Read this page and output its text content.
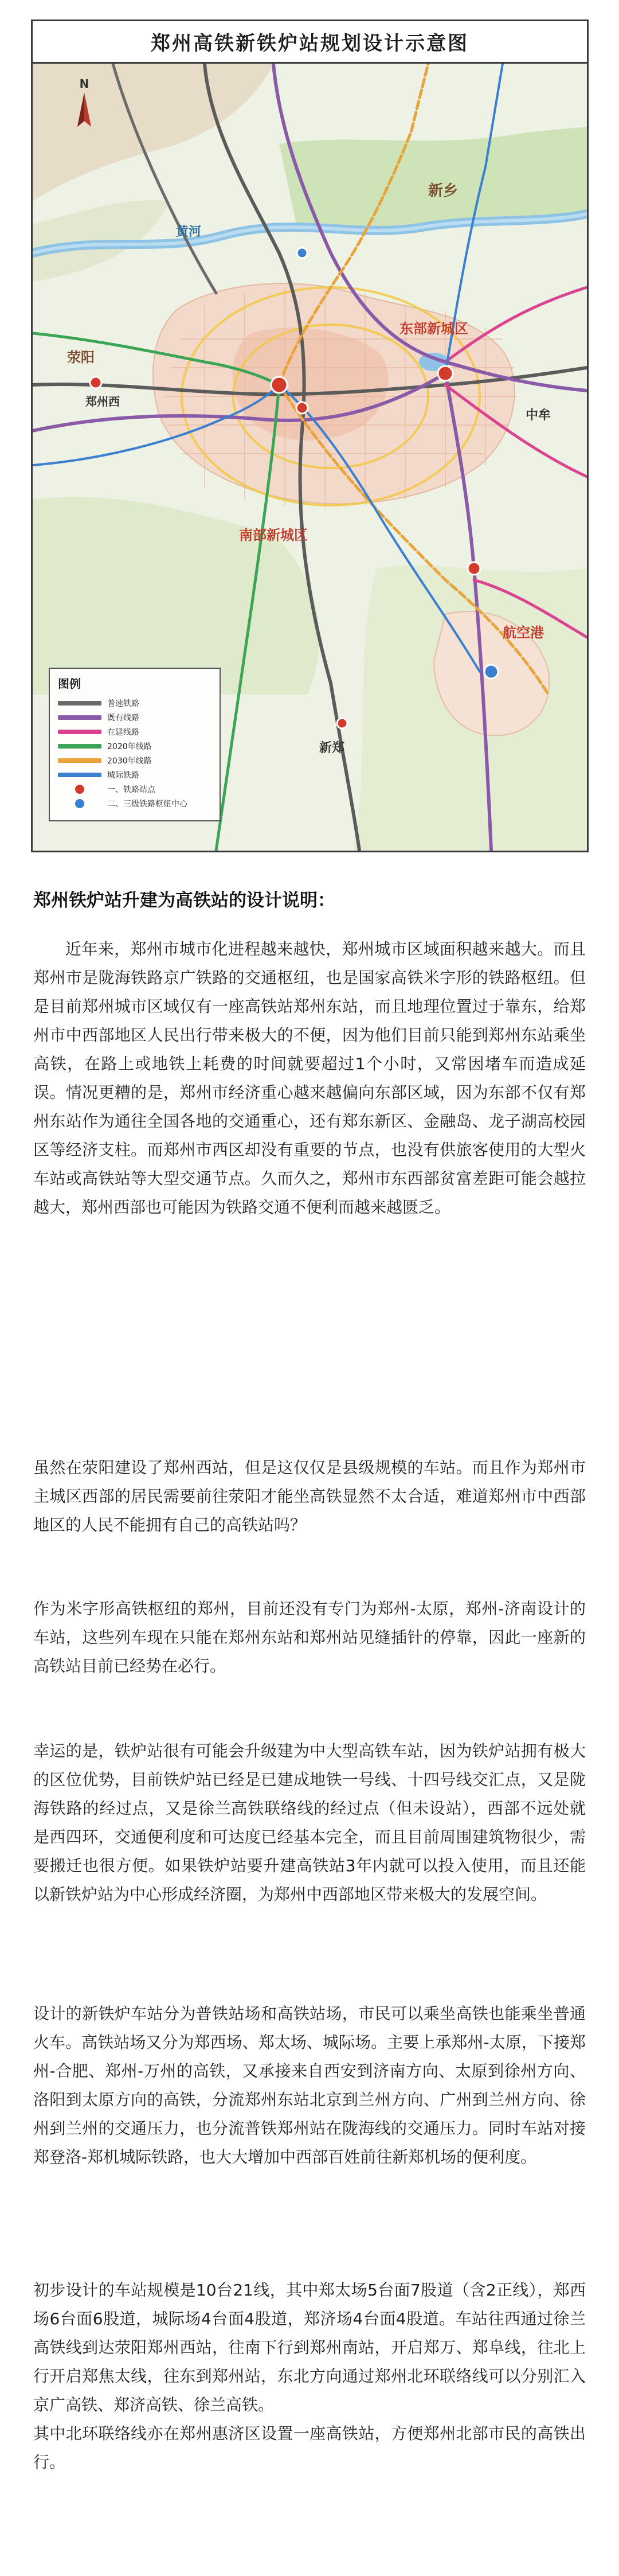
郑州高铁新铁炉站规划设计示意图
N
新乡
荥阳
郑州西
东部新城区
南部新城区
航空港
新郑
中牟
黄河
图例
普速铁路
既有线路
在建线路
2020年线路
2030年线路
城际铁路
一、铁路站点
二、三级铁路枢纽中心
郑州铁炉站升建为高铁站的设计说明：

近年来，郑州市城市化进程越来越快，郑州城市区域面积越来越大。而且郑州市是陇海铁路京广铁路的交通枢纽，也是国家高铁米字形的铁路枢纽。但是目前郑州城市区域仅有一座高铁站郑州东站，而且地理位置过于靠东，给郑州市中西部地区人民出行带来极大的不便，因为他们目前只能到郑州东站乘坐高铁，在路上或地铁上耗费的时间就要超过1个小时，又常因堵车而造成延误。情况更糟的是，郑州市经济重心越来越偏向东部区域，因为东部不仅有郑州东站作为通往全国各地的交通重心，还有郑东新区、金融岛、龙子湖高校园区等经济支柱。而郑州市西区却没有重要的节点，也没有供旅客使用的大型火车站或高铁站等大型交通节点。久而久之，郑州市东西部贫富差距可能会越拉越大，郑州西部也可能因为铁路交通不便利而越来越匮乏。

虽然在荥阳建设了郑州西站，但是这仅仅是县级规模的车站。而且作为郑州市主城区西部的居民需要前往荥阳才能坐高铁显然不太合适，难道郑州市中西部地区的人民不能拥有自己的高铁站吗？

作为米字形高铁枢纽的郑州，目前还没有专门为郑州-太原，郑州-济南设计的车站，这些列车现在只能在郑州东站和郑州站见缝插针的停靠，因此一座新的高铁站目前已经势在必行。

幸运的是，铁炉站很有可能会升级建为中大型高铁车站，因为铁炉站拥有极大的区位优势，目前铁炉站已经是已建成地铁一号线、十四号线交汇点，又是陇海铁路的经过点，又是徐兰高铁联络线的经过点（但未设站），西部不远处就是西四环，交通便利度和可达度已经基本完全，而且目前周围建筑物很少，需要搬迁也很方便。如果铁炉站要升建高铁站3年内就可以投入使用，而且还能以新铁炉站为中心形成经济圈，为郑州中西部地区带来极大的发展空间。

设计的新铁炉车站分为普铁站场和高铁站场，市民可以乘坐高铁也能乘坐普通火车。高铁站场又分为郑西场、郑太场、城际场。主要上承郑州-太原，下接郑州-合肥、郑州-万州的高铁，又承接来自西安到济南方向、太原到徐州方向、洛阳到太原方向的高铁，分流郑州东站北京到兰州方向、广州到兰州方向、徐州到兰州的交通压力，也分流普铁郑州站在陇海线的交通压力。同时车站对接郑登洛-郑机城际铁路，也大大增加中西部百姓前往新郑机场的便利度。

初步设计的车站规模是10台21线，其中郑太场5台面7股道（含2正线），郑西场6台面6股道，城际场4台面4股道，郑济场4台面4股道。车站往西通过徐兰高铁线到达荥阳郑州西站，往南下行到郑州南站，开启郑万、郑阜线，往北上行开启郑焦太线，往东到郑州站，东北方向通过郑州北环联络线可以分别汇入京广高铁、郑济高铁、徐兰高铁。
其中北环联络线亦在郑州惠济区设置一座高铁站，方便郑州北部市民的高铁出行。
